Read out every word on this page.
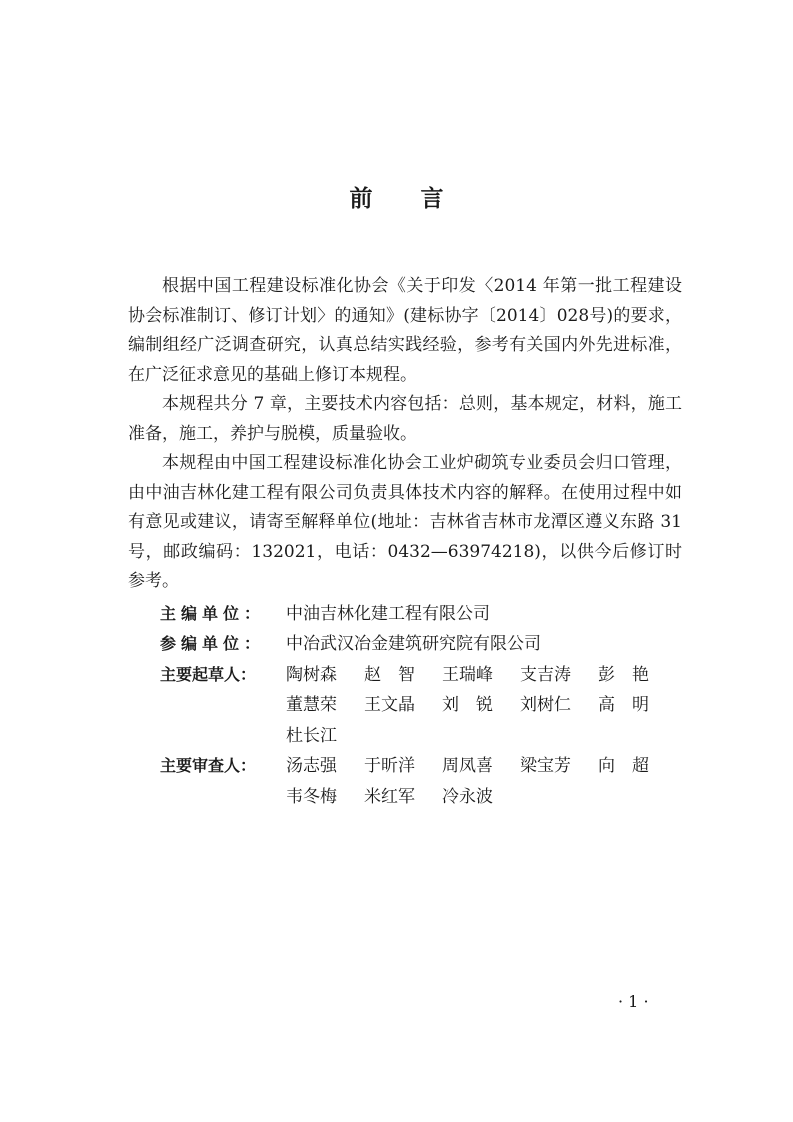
前 言

根据中国工程建设标准化协会《关于印发〈2014 年第一批工程建设协会标准制订、修订计划〉的通知》(建标协字〔2014〕028号)的要求，编制组经广泛调查研究，认真总结实践经验，参考有关国内外先进标准，在广泛征求意见的基础上修订本规程。

本规程共分 7 章，主要技术内容包括：总则，基本规定，材料，施工准备，施工，养护与脱模，质量验收。

本规程由中国工程建设标准化协会工业炉砌筑专业委员会归口管理，由中油吉林化建工程有限公司负责具体技术内容的解释。在使用过程中如有意见或建议，请寄至解释单位(地址：吉林省吉林市龙潭区遵义东路 31 号，邮政编码：132021，电话：0432—63974218)，以供今后修订时参考。

主编单位：	中油吉林化建工程有限公司
参编单位：	中冶武汉冶金建筑研究院有限公司
主要起草人：	陶树森	赵　智	王瑞峰	支吉涛	彭　艳
董慧荣	王文晶	刘　锐	刘树仁	高　明
杜长江
主要审查人：	汤志强	于昕洋	周凤喜	梁宝芳	向　超
韦冬梅	米红军	冷永波
· 1 ·
